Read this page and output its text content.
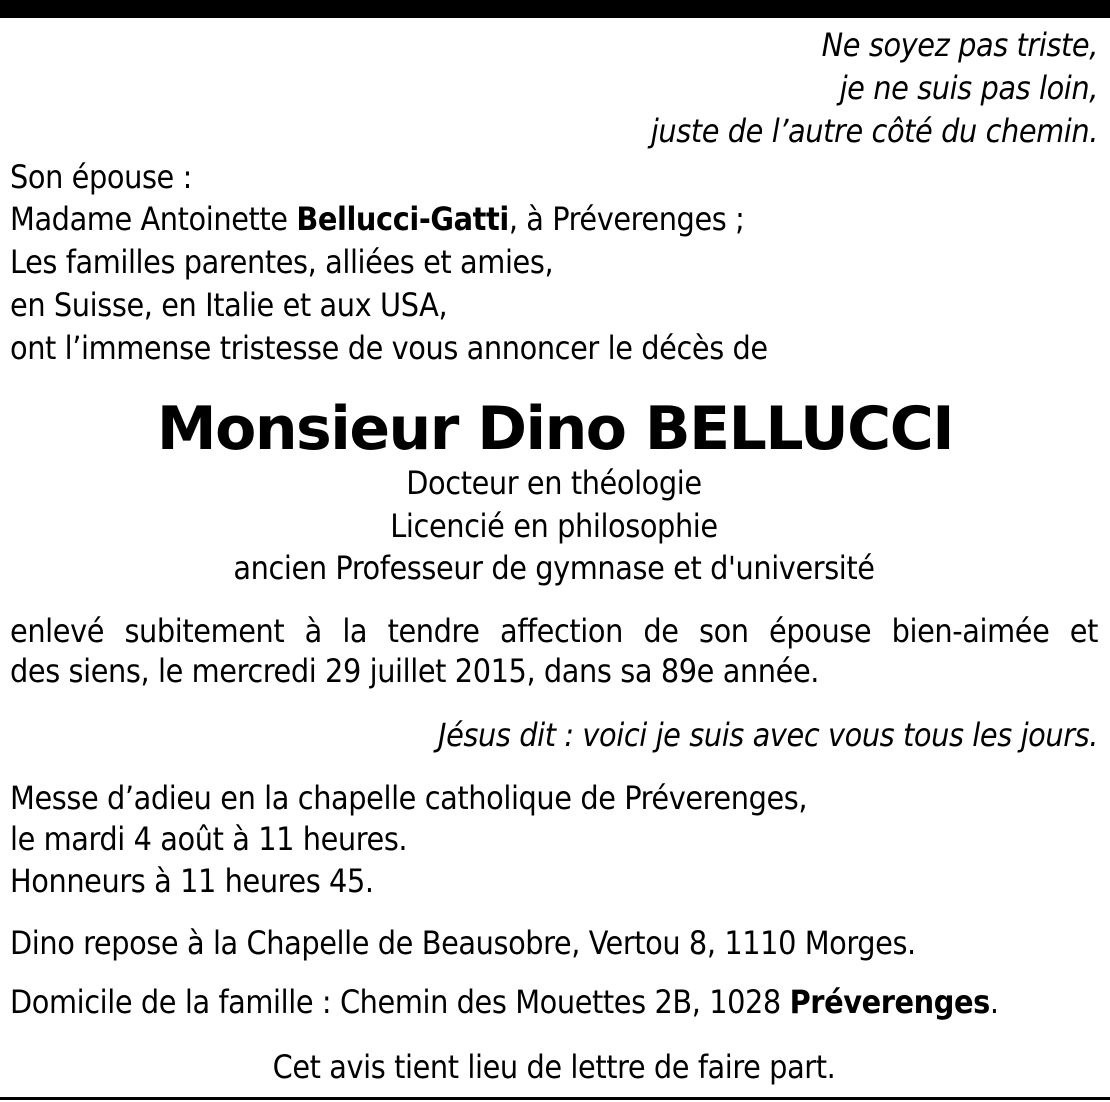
Ne soyez pas triste,
je ne suis pas loin,
juste de l’autre côté du chemin.
Son épouse :
Madame Antoinette Bellucci-Gatti, à Préverenges ;
Les familles parentes, alliées et amies,
en Suisse, en Italie et aux USA,
ont l’immense tristesse de vous annoncer le décès de
Monsieur Dino BELLUCCI
Docteur en théologie
Licencié en philosophie
ancien Professeur de gymnase et d'université
enlevé subitement à la tendre affection de son épouse bien-aimée et
des siens, le mercredi 29 juillet 2015, dans sa 89e année.
Jésus dit : voici je suis avec vous tous les jours.
Messe d’adieu en la chapelle catholique de Préverenges,
le mardi 4 août à 11 heures.
Honneurs à 11 heures 45.
Dino repose à la Chapelle de Beausobre, Vertou 8, 1110 Morges.
Domicile de la famille : Chemin des Mouettes 2B, 1028 Préverenges.
Cet avis tient lieu de lettre de faire part.
